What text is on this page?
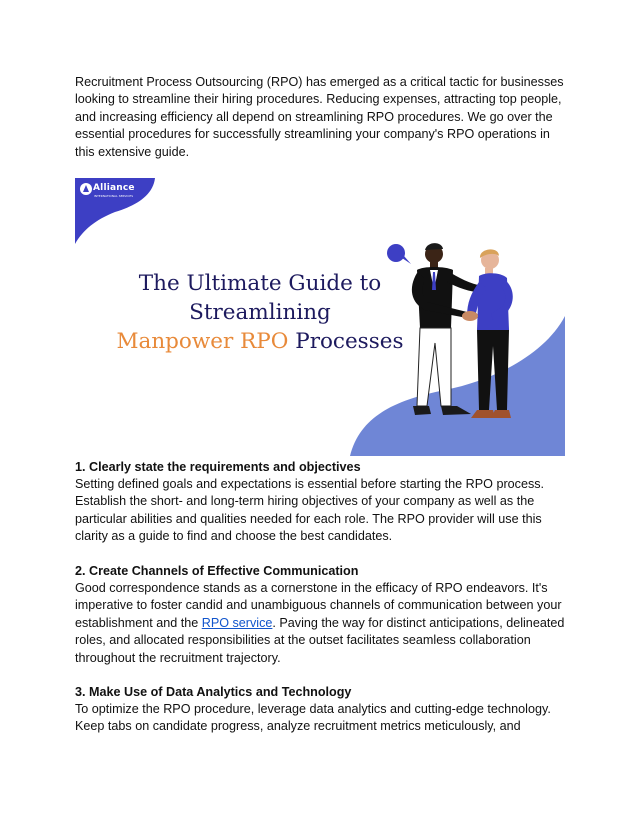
Recruitment Process Outsourcing (RPO) has emerged as a critical tactic for businesses looking to streamline their hiring procedures. Reducing expenses, attracting top people, and increasing efficiency all depend on streamlining RPO procedures. We go over the essential procedures for successfully streamlining your company's RPO operations in this extensive guide.

Alliance
INTERNATIONAL SERVICES
The Ultimate Guide to
Streamlining
Manpower RPO Processes

1. Clearly state the requirements and objectives

Setting defined goals and expectations is essential before starting the RPO process. Establish the short- and long-term hiring objectives of your company as well as the particular abilities and qualities needed for each role. The RPO provider will use this clarity as a guide to find and choose the best candidates.

2. Create Channels of Effective Communication

Good correspondence stands as a cornerstone in the efficacy of RPO endeavors. It's imperative to foster candid and unambiguous channels of communication between your establishment and the RPO service. Paving the way for distinct anticipations, delineated roles, and allocated responsibilities at the outset facilitates seamless collaboration throughout the recruitment trajectory.

3. Make Use of Data Analytics and Technology

To optimize the RPO procedure, leverage data analytics and cutting-edge technology. Keep tabs on candidate progress, analyze recruitment metrics meticulously, and
